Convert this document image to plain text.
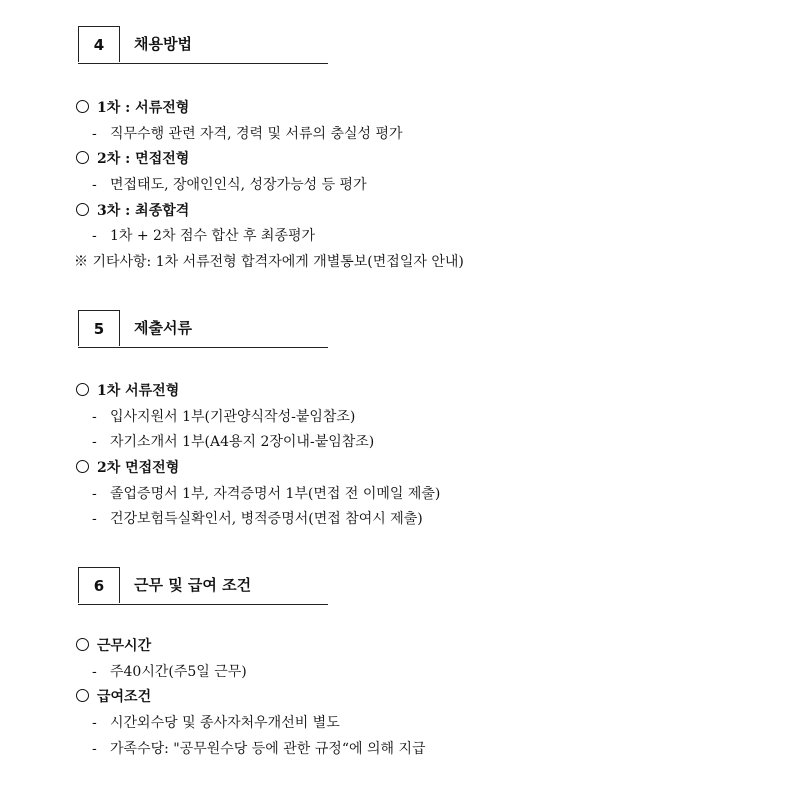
4	채용방법
1차 : 서류전형
- 직무수행 관련 자격, 경력 및 서류의 충실성 평가
2차 : 면접전형
- 면접태도, 장애인인식, 성장가능성 등 평가
3차 : 최종합격
- 1차 + 2차 점수 합산 후 최종평가
※ 기타사항: 1차 서류전형 합격자에게 개별통보(면접일자 안내)
5	제출서류
1차 서류전형
- 입사지원서 1부(기관양식작성-붙임참조)
- 자기소개서 1부(A4용지 2장이내-붙임참조)
2차 면접전형
- 졸업증명서 1부, 자격증명서 1부(면접 전 이메일 제출)
- 건강보험득실확인서, 병적증명서(면접 참여시 제출)
6	근무 및 급여 조건
근무시간
- 주40시간(주5일 근무)
급여조건
- 시간외수당 및 종사자처우개선비 별도
- 가족수당: "공무원수당 등에 관한 규정“에 의해 지급
